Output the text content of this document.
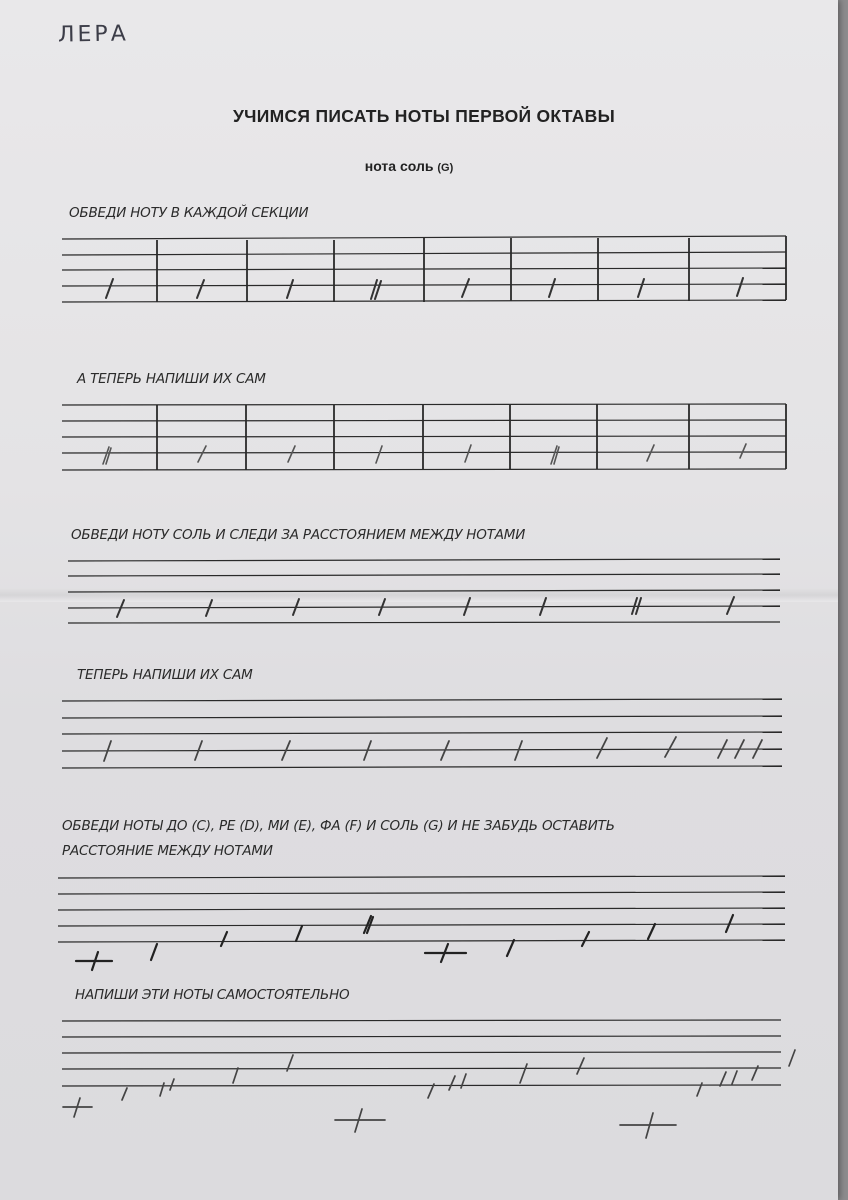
ЛЕРА
УЧИМСЯ ПИСАТЬ НОТЫ ПЕРВОЙ ОКТАВЫ
нота соль (G)
ОБВЕДИ НОТУ В КАЖДОЙ СЕКЦИИ
А ТЕПЕРЬ НАПИШИ ИХ САМ
ОБВЕДИ НОТУ СОЛЬ И СЛЕДИ ЗА РАССТОЯНИЕМ МЕЖДУ НОТАМИ
ТЕПЕРЬ НАПИШИ ИХ САМ
ОБВЕДИ НОТЫ ДО (C), РЕ (D), МИ (E), ФА (F) И СОЛЬ (G) И НЕ ЗАБУДЬ ОСТАВИТЬ
РАССТОЯНИЕ МЕЖДУ НОТАМИ
НАПИШИ ЭТИ НОТЫ САМОСТОЯТЕЛЬНО
